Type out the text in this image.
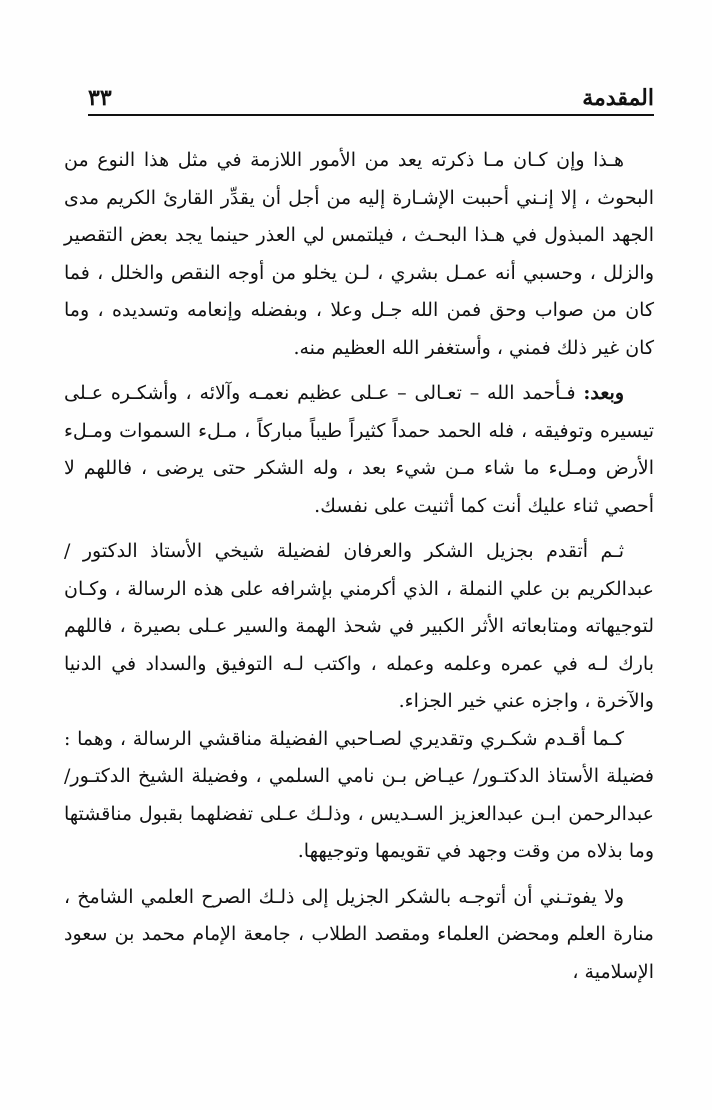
المقدمة
٣٣

هـذا وإن كـان مـا ذكرته يعد من الأمور اللازمة في مثل هذا النوع من البحوث ، إلا إنـني أحببت الإشـارة إليه من أجل أن يقدِّر القارئ الكريم مدى الجهد المبذول في هـذا البحـث ، فيلتمس لي العذر حينما يجد بعض التقصير والزلل ، وحسبي أنه عمـل بشري ، لـن يخلو من أوجه النقص والخلل ، فما كان من صواب وحق فمن الله جـل وعلا ، وبفضله وإنعامه وتسديده ، وما كان غير ذلك فمني ، وأستغفر الله العظيم منه.

وبعد: فـأحمد الله – تعـالى – عـلى عظيم نعمـه وآلائه ، وأشكـره عـلى تيسيره وتوفيقه ، فله الحمد حمداً كثيراً طيباً مباركاً ، مـلء السموات ومـلء الأرض ومـلء ما شاء مـن شيء بعد ، وله الشكر حتى يرضى ، فاللهم لا أحصي ثناء عليك أنت كما أثنيت على نفسك.

ثـم أتقدم بجزيل الشكر والعرفان لفضيلة شيخي الأستاذ الدكتور / عبدالكريم بن علي النملة ، الذي أكرمني بإشرافه على هذه الرسالة ، وكـان لتوجيهاته ومتابعاته الأثر الكبير في شحذ الهمة والسير عـلى بصيرة ، فاللهم بارك لـه في عمره وعلمه وعمله ، واكتب لـه التوفيق والسداد في الدنيا والآخرة ، واجزه عني خير الجزاء.

كـما أقـدم شكـري وتقديري لصـاحبي الفضيلة مناقشي الرسالة ، وهما : فضيلة الأستاذ الدكتـور/ عيـاض بـن نامي السلمي ، وفضيلة الشيخ الدكتـور/ عبدالرحمن ابـن عبدالعزيز السـديس ، وذلـك عـلى تفضلهما بقبول مناقشتها وما بذلاه من وقت وجهد في تقويمها وتوجيهها.

ولا يفوتـني أن أتوجـه بالشكر الجزيل إلى ذلـك الصرح العلمي الشامخ ، منارة العلم ومحضن العلماء ومقصد الطلاب ، جامعة الإمام محمد بن سعود الإسلامية ،
